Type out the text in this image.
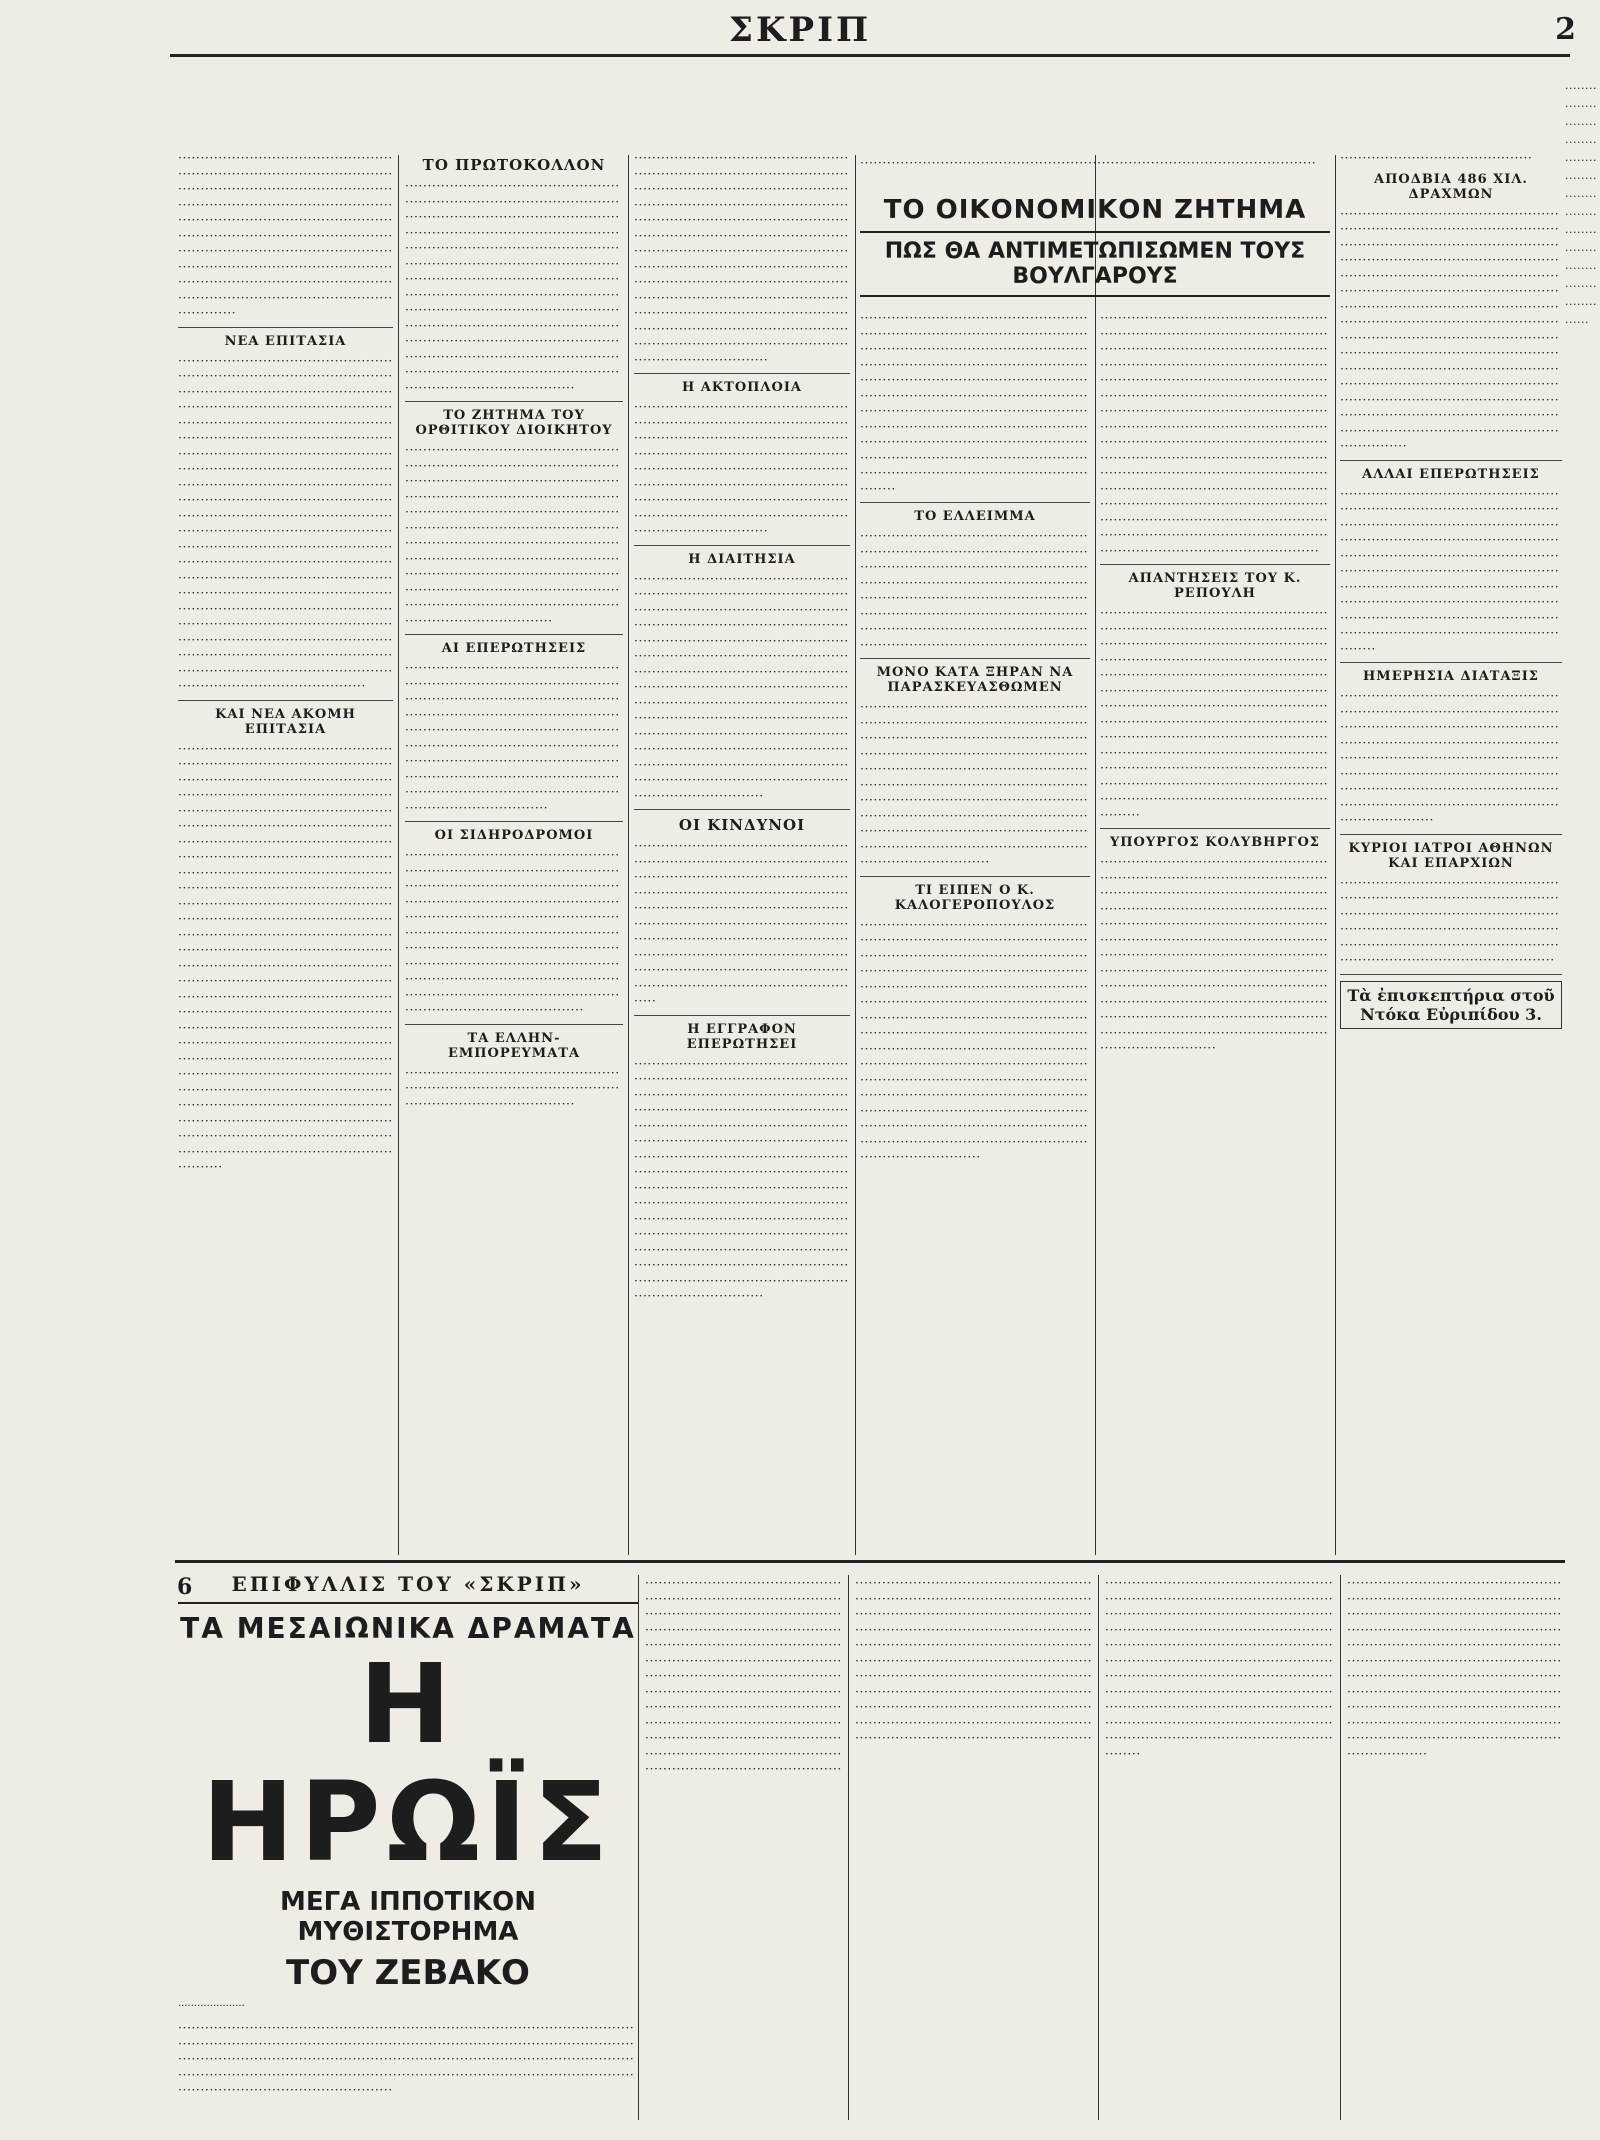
ΣΚΡΙΠ	2
·············································································································································································································································································································································································································································································································
ΝΕΑ ΕΠΙΤΑΣΙΑ
··························································································································································································································································································································································································································································································································································································································································································································································································································································································································································································································································································
ΚΑΙ ΝΕΑ ΑΚΟΜΗ ΕΠΙΤΑΣΙΑ
··························································································································································································································································································································································································································································································································································································································································································································································································································································································································································································································································································································································································································································································································································
ΤΟ ΠΡΩΤΟΚΟΛΛΟΝ
······················································································································································································································································································································································································································································································································································································································································································
ΤΟ ΖΗΤΗΜΑ ΤΟΥ ΟΡΘΙΤΙΚΟΥ ΔΙΟΙΚΗΤΟΥ
·················································································································································································································································································································································································································································································································································································
ΑΙ ΕΠΕΡΩΤΗΣΕΙΣ
················································································································································································································································································································································································································································································
ΟΙ ΣΙΔΗΡΟΔΡΟΜΟΙ
········································································································································································································································································································································································································································································································································
ΤΑ ΕΛΛΗΝ-ΕΜΠΟΡΕΥΜΑΤΑ
······································································································································
··············································································································································································································································································································································································································································································································································································································································································
Η ΑΚΤΟΠΛΟΙΑ
······························································································································································································································································································································································································································
Η ΔΙΑΙΤΗΣΙΑ
·····························································································································································································································································································································································································································································································································································································································································································································
ΟΙ ΚΙΝΔΥΝΟΙ
·····································································································································································································································································································································································································································································································
Η ΕΓΓΡΑΦΟΝ ΕΠΕΡΩΤΗΣΕΙ
·············································································································································································································································································································································································································································································································································································································································································································································································
ΤΟ ΟΙΚΟΝΟΜΙΚΟΝ ΖΗΤΗΜΑ
ΠΩΣ ΘΑ ΑΝΤΙΜΕΤΩΠΙΣΩΜΕΝ ΤΟΥΣ ΒΟΥΛΓΑΡΟΥΣ
······································································································
·························································································································································································································································································································································································································································································································································································
ΤΟ ΕΛΛΕΙΜΜΑ
························································································································································································································································································································································································································
ΜΟΝΟ ΚΑΤΑ ΞΗΡΑΝ ΝΑ ΠΑΡΑΣΚΕΥΑΣΘΩΜΕΝ
···························································································································································································································································································································································································································································································································································
ΤΙ ΕΙΠΕΝ Ο Κ. ΚΑΛΟΓΕΡΟΠΟΥΛΟΣ
························································································································································································································································································································································································································································································································································································································································································································································································································
··············································································································································································································································································································································································································································································································································································································································································································································································································································
ΑΠΑΝΤΗΣΕΙΣ ΤΟΥ Κ. ΡΕΠΟΥΛΗ
································································································································································································································································································································································································································································································································································································································································································
ΥΠΟΥΡΓΟΣ ΚΟΛΥΒΗΡΓΟΣ
······························································································································································································································································································································································································································································································································································································································································
···········································
ΑΠΟΔΒΙΑ 486 ΧΙΛ. ΔΡΑΧΜΩΝ
··············································································································································································································································································································································································································································································································································································································································································································································································
ΑΛΛΑΙ ΕΠΕΡΩΤΗΣΕΙΣ
··················································································································································································································································································································································································································································································································
ΗΜΕΡΗΣΙΑ ΔΙΑΤΑΞΙΣ
·····························································································································································································································································································································································································································
ΚΥΡΙΟΙ ΙΑΤΡΟΙ ΑΘΗΝΩΝ ΚΑΙ ΕΠΑΡΧΙΩΝ
·····································································································································································································································································································
Τὰ ἐπισκεπτήρια στοῦ Ντόκα Εὐριπίδου 3.
··············································································································
6	ΕΠΙΦΥΛΛΙΣ ΤΟΥ «ΣΚΡΙΠ»
ΤΑ ΜΕΣΑΙΩΝΙΚΑ ΔΡΑΜΑΤΑ
Η ΗΡΩΪΣ
ΜΕΓΑ ΙΠΠΟΤΙΚΟΝ ΜΥΘΙΣΤΟΡΗΜΑ
ΤΟΥ ΖΕΒΑΚΟ
·····················
········································································································································································································································································································································································································································································
····························································································································································································································································································································································································································································································································································································
·······································································································································································································································································································································································································································································································································································································
·························································································································································································································································································································································································································································································································································································
··································································································································································································································································································································································································································································································································································
